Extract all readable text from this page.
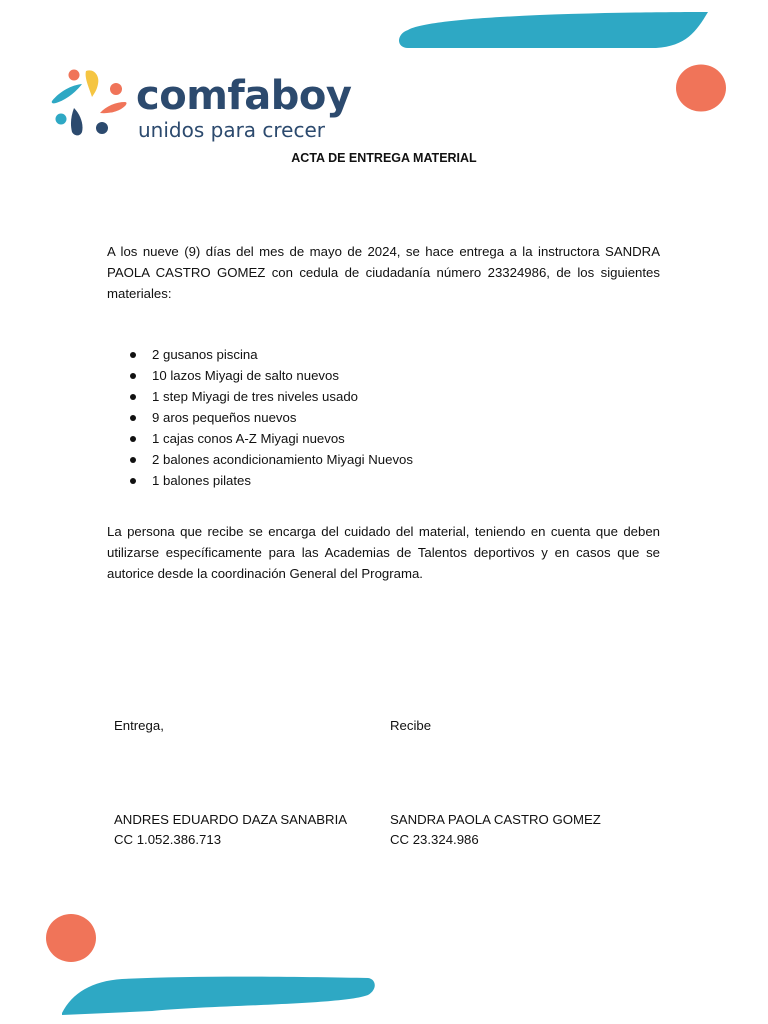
comfaboy
unidos para crecer
ACTA DE ENTREGA MATERIAL

A los nueve (9) días del mes de mayo de 2024, se hace entrega a la instructora SANDRA PAOLA CASTRO GOMEZ con cedula de ciudadanía número 23324986, de los siguientes materiales:

2 gusanos piscina
10 lazos Miyagi de salto nuevos
1 step Miyagi de tres niveles usado
9 aros pequeños nuevos
1 cajas conos A-Z Miyagi nuevos
2 balones acondicionamiento Miyagi Nuevos
1 balones pilates

La persona que recibe se encarga del cuidado del material, teniendo en cuenta que deben utilizarse específicamente para las Academias de Talentos deportivos y en casos que se autorice desde la coordinación General del Programa.

Entrega,	Recibe
ANDRES EDUARDO DAZA SANABRIA
CC 1.052.386.713
SANDRA PAOLA CASTRO GOMEZ
CC 23.324.986
